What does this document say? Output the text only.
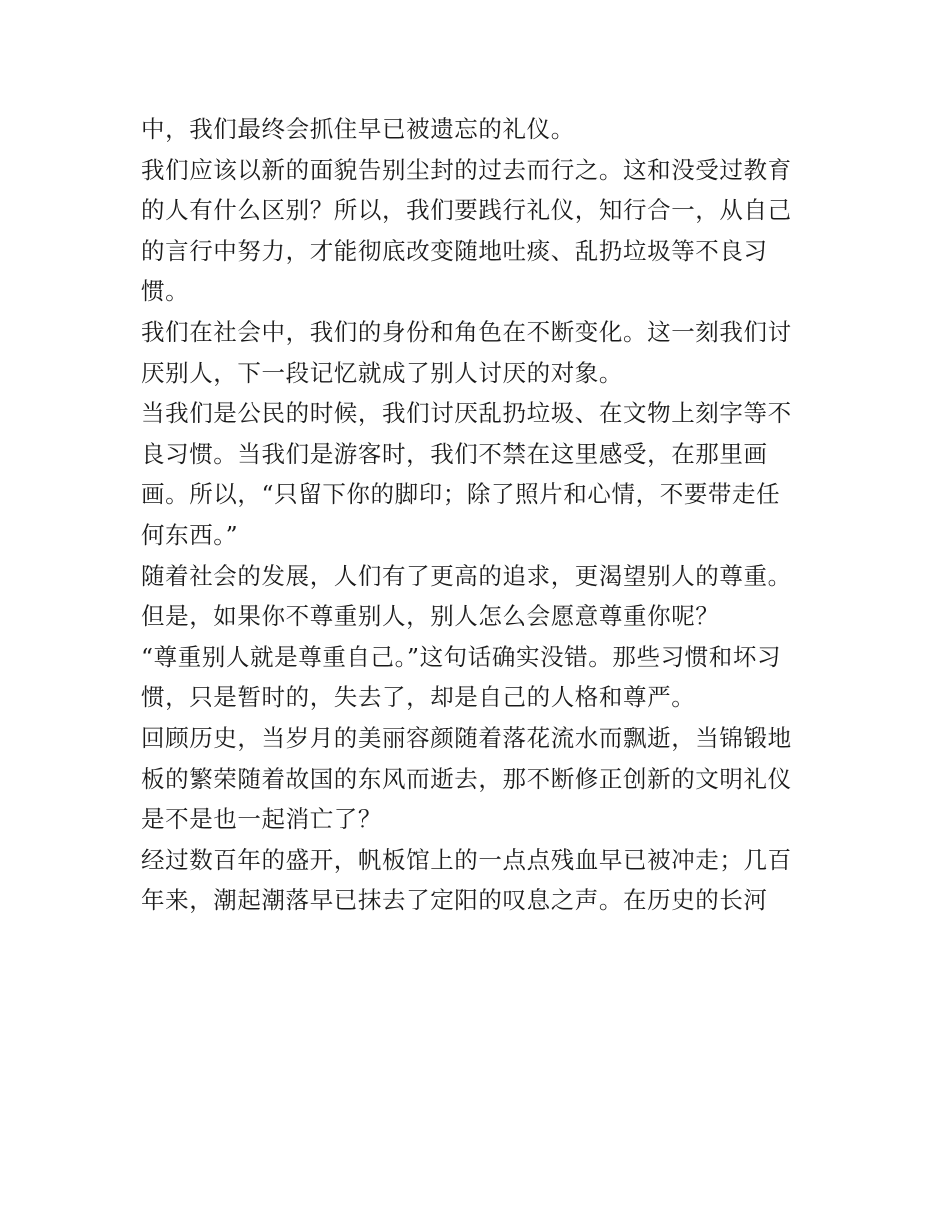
中，我们最终会抓住早已被遗忘的礼仪。
我们应该以新的面貌告别尘封的过去而行之。这和没受过教育
的人有什么区别？所以，我们要践行礼仪，知行合一，从自己
的言行中努力，才能彻底改变随地吐痰、乱扔垃圾等不良习
惯。
我们在社会中，我们的身份和角色在不断变化。这一刻我们讨
厌别人，下一段记忆就成了别人讨厌的对象。
当我们是公民的时候，我们讨厌乱扔垃圾、在文物上刻字等不
良习惯。当我们是游客时，我们不禁在这里感受，在那里画
画。所以，“只留下你的脚印；除了照片和心情，不要带走任
何东西。”
随着社会的发展，人们有了更高的追求，更渴望别人的尊重。
但是，如果你不尊重别人，别人怎么会愿意尊重你呢？
“尊重别人就是尊重自己。”这句话确实没错。那些习惯和坏习
惯，只是暂时的，失去了，却是自己的人格和尊严。
回顾历史，当岁月的美丽容颜随着落花流水而飘逝，当锦锻地
板的繁荣随着故国的东风而逝去，那不断修正创新的文明礼仪
是不是也一起消亡了？
经过数百年的盛开，帆板馆上的一点点残血早已被冲走；几百
年来，潮起潮落早已抹去了定阳的叹息之声。在历史的长河
